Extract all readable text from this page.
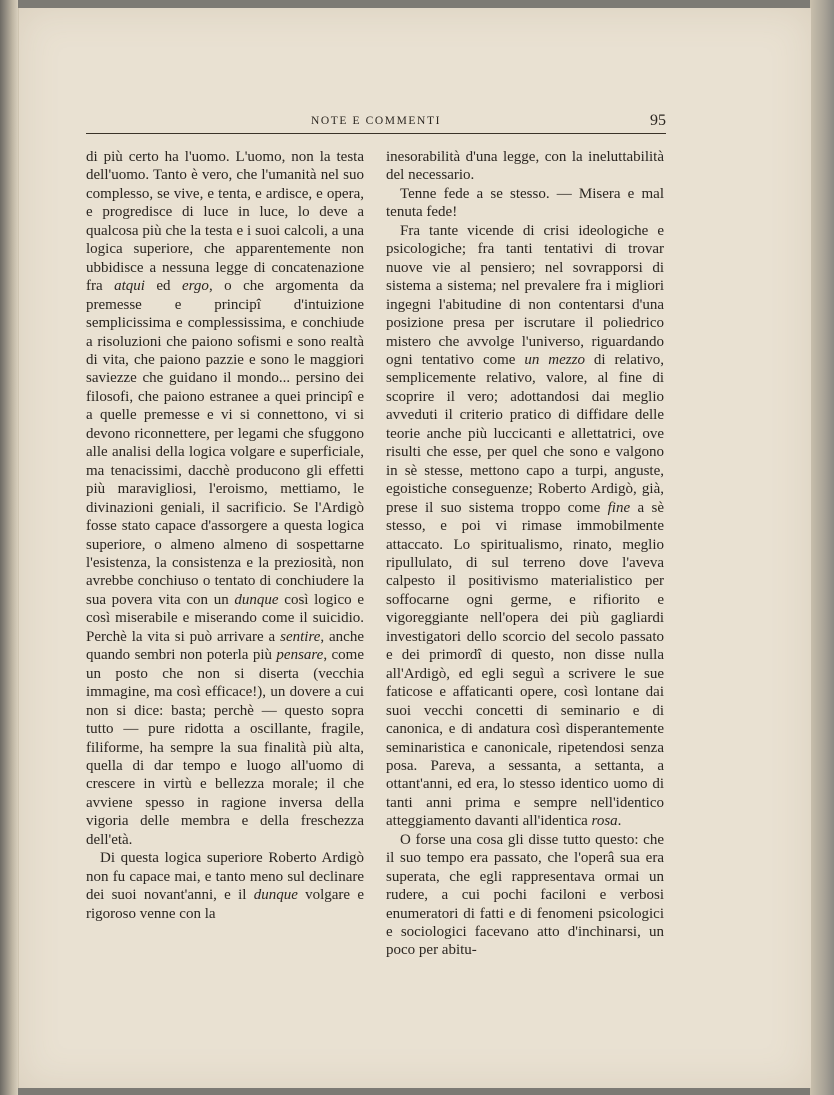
NOTE E COMMENTI	95

di più certo ha l'uomo. L'uomo, non la testa dell'uomo. Tanto è vero, che l'umanità nel suo complesso, se vive, e tenta, e ardisce, e opera, e progredisce di luce in luce, lo deve a qualcosa più che la testa e i suoi calcoli, a una logica superiore, che apparentemente non ubbidisce a nessuna legge di concatenazione fra atqui ed ergo, o che argomenta da premesse e principî d'intuizione semplicissima e complessissima, e conchiude a risoluzioni che paiono sofismi e sono realtà di vita, che paiono pazzie e sono le maggiori saviezze che guidano il mondo... persino dei filosofi, che paiono estranee a quei principî e a quelle premesse e vi si connettono, vi si devono riconnettere, per legami che sfuggono alle analisi della logica volgare e superficiale, ma tenacissimi, dacchè producono gli effetti più maravigliosi, l'eroismo, mettiamo, le divinazioni geniali, il sacrificio. Se l'Ardigò fosse stato capace d'assorgere a questa logica superiore, o almeno almeno di sospettarne l'esistenza, la consistenza e la preziosità, non avrebbe conchiuso o tentato di conchiudere la sua povera vita con un dunque così logico e così miserabile e miserando come il suicidio. Perchè la vita si può arrivare a sentire, anche quando sembri non poterla più pensare, come un posto che non si diserta (vecchia immagine, ma così efficace!), un dovere a cui non si dice: basta; perchè — questo sopra tutto — pure ridotta a oscillante, fragile, filiforme, ha sempre la sua finalità più alta, quella di dar tempo e luogo all'uomo di crescere in virtù e bellezza morale; il che avviene spesso in ragione inversa della vigoria delle membra e della freschezza dell'età.

Di questa logica superiore Roberto Ardigò non fu capace mai, e tanto meno sul declinare dei suoi novant'anni, e il dunque volgare e rigoroso venne con la

inesorabilità d'una legge, con la ineluttabilità del necessario.

Tenne fede a se stesso. — Misera e mal tenuta fede!

Fra tante vicende di crisi ideologiche e psicologiche; fra tanti tentativi di trovar nuove vie al pensiero; nel sovrapporsi di sistema a sistema; nel prevalere fra i migliori ingegni l'abitudine di non contentarsi d'una posizione presa per iscrutare il poliedrico mistero che avvolge l'universo, riguardando ogni tentativo come un mezzo di relativo, semplicemente relativo, valore, al fine di scoprire il vero; adottandosi dai meglio avveduti il criterio pratico di diffidare delle teorie anche più luccicanti e allettatrici, ove risulti che esse, per quel che sono e valgono in sè stesse, mettono capo a turpi, anguste, egoistiche conseguenze; Roberto Ardigò, già, prese il suo sistema troppo come fine a sè stesso, e poi vi rimase immobilmente attaccato. Lo spiritualismo, rinato, meglio ripullulato, di sul terreno dove l'aveva calpesto il positivismo materialistico per soffocarne ogni germe, e rifiorito e vigoreggiante nell'opera dei più gagliardi investigatori dello scorcio del secolo passato e dei primordî di questo, non disse nulla all'Ardigò, ed egli seguì a scrivere le sue faticose e affaticanti opere, così lontane dai suoi vecchi concetti di seminario e di canonica, e di andatura così disperantemente seminaristica e canonicale, ripetendosi senza posa. Pareva, a sessanta, a settanta, a ottant'anni, ed era, lo stesso identico uomo di tanti anni prima e sempre nell'identico atteggiamento davanti all'identica rosa.

O forse una cosa gli disse tutto questo: che il suo tempo era passato, che l'operâ sua era superata, che egli rappresentava ormai un rudere, a cui pochi faciloni e verbosi enumeratori di fatti e di fenomeni psicologici e sociologici facevano atto d'inchinarsi, un poco per abitu-
